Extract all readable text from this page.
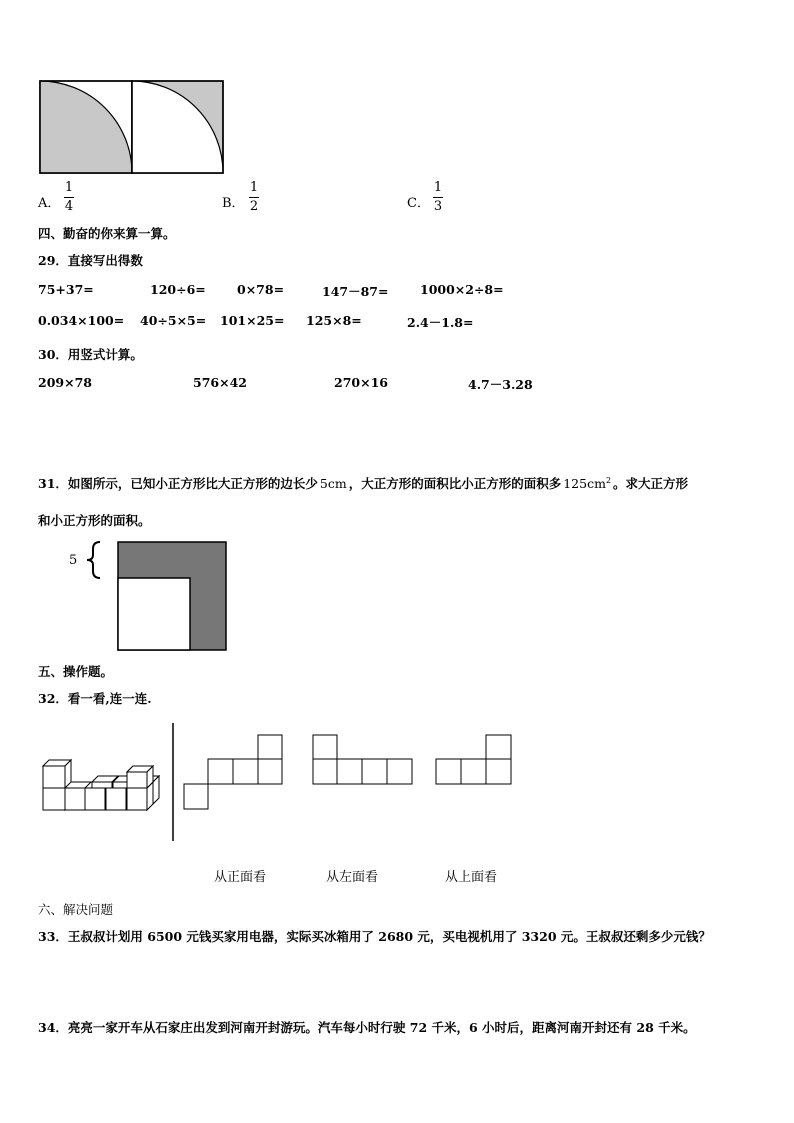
A．
1
4	B．
1
2	C．
1
3
四、勤奋的你来算一算。
29．直接写出得数
75+37=	120÷6=	0×78=	147－87=	1000×2÷8=
0.034×100= 40÷5×5= 101×25= 125×8=	2.4－1.8=
30．用竖式计算。
209×78	576×42	270×16	4.7－3.28
31．如图所示，已知小正方形比大正方形的边长少 5cm ，大正方形的面积比小正方形的面积多 $125cm^2$ 。求大正方形
和小正方形的面积。
5
五、操作题。
32．看一看,连一连.
从正面看	从左面看	从上面看
六、解决问题
33．王叔叔计划用 6500 元钱买家用电器，实际买冰箱用了 2680 元，买电视机用了 3320 元。王叔叔还剩多少元钱？
34．亮亮一家开车从石家庄出发到河南开封游玩。汽车每小时行驶 72 千米，6 小时后，距离河南开封还有 28 千米。
